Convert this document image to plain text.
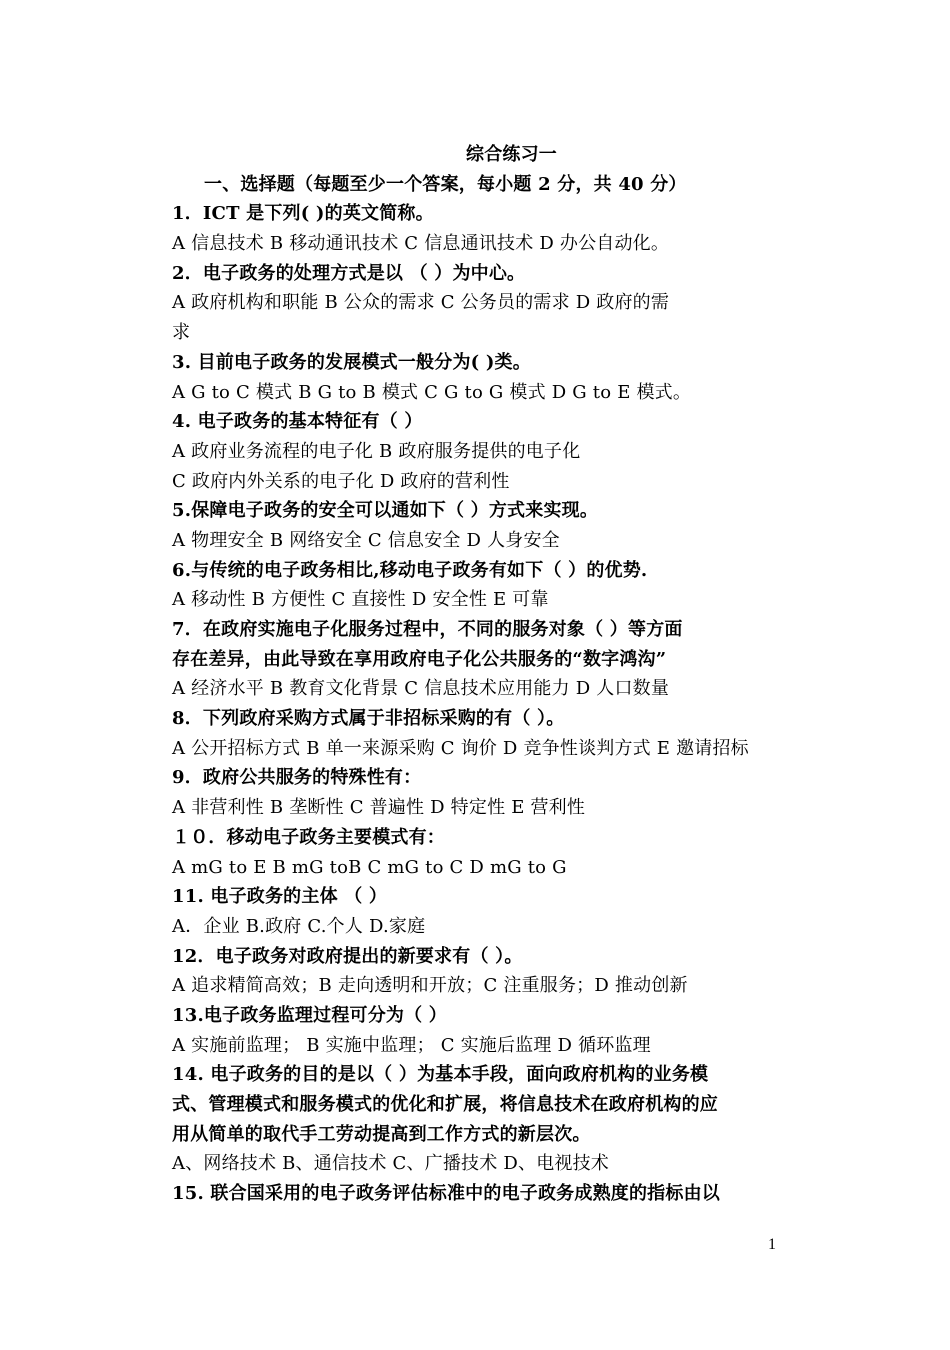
综合练习一
一、选择题（每题至少一个答案，每小题 2 分，共 40 分）
1．ICT 是下列( )的英文简称。
A 信息技术 B 移动通讯技术 C 信息通讯技术 D 办公自动化。
2．电子政务的处理方式是以 （ ）为中心。
A 政府机构和职能 B 公众的需求 C 公务员的需求 D 政府的需
求
3. 目前电子政务的发展模式一般分为( )类。
A G to C 模式 B G to B 模式 C G to G 模式 D G to E 模式。
4. 电子政务的基本特征有（ ）
A 政府业务流程的电子化 B 政府服务提供的电子化
C 政府内外关系的电子化 D 政府的营利性
5.保障电子政务的安全可以通如下（ ）方式来实现。
A 物理安全 B 网络安全 C 信息安全 D 人身安全
6.与传统的电子政务相比,移动电子政务有如下（ ）的优势.
A 移动性 B 方便性 C 直接性 D 安全性 E 可靠
7．在政府实施电子化服务过程中，不同的服务对象（ ）等方面
存在差异，由此导致在享用政府电子化公共服务的“数字鸿沟”
A 经济水平 B 教育文化背景 C 信息技术应用能力 D 人口数量
8．下列政府采购方式属于非招标采购的有（ ）。
A 公开招标方式 B 单一来源采购 C 询价 D 竞争性谈判方式 E 邀请招标
9．政府公共服务的特殊性有：
A 非营利性 B 垄断性 C 普遍性 D 特定性 E 营利性
１０．移动电子政务主要模式有：
A mG to E B mG toB C mG to C D mG to G
11. 电子政务的主体 （ ）
A．企业 B.政府 C.个人 D.家庭
12．电子政务对政府提出的新要求有（ ）。
A 追求精简高效；B 走向透明和开放；C 注重服务；D 推动创新
13.电子政务监理过程可分为（ ）
A 实施前监理； B 实施中监理； C 实施后监理 D 循环监理
14. 电子政务的目的是以（ ）为基本手段，面向政府机构的业务模
式、管理模式和服务模式的优化和扩展，将信息技术在政府机构的应
用从简单的取代手工劳动提高到工作方式的新层次。
A、网络技术 B、通信技术 C、广播技术 D、电视技术
15. 联合国采用的电子政务评估标准中的电子政务成熟度的指标由以
1
